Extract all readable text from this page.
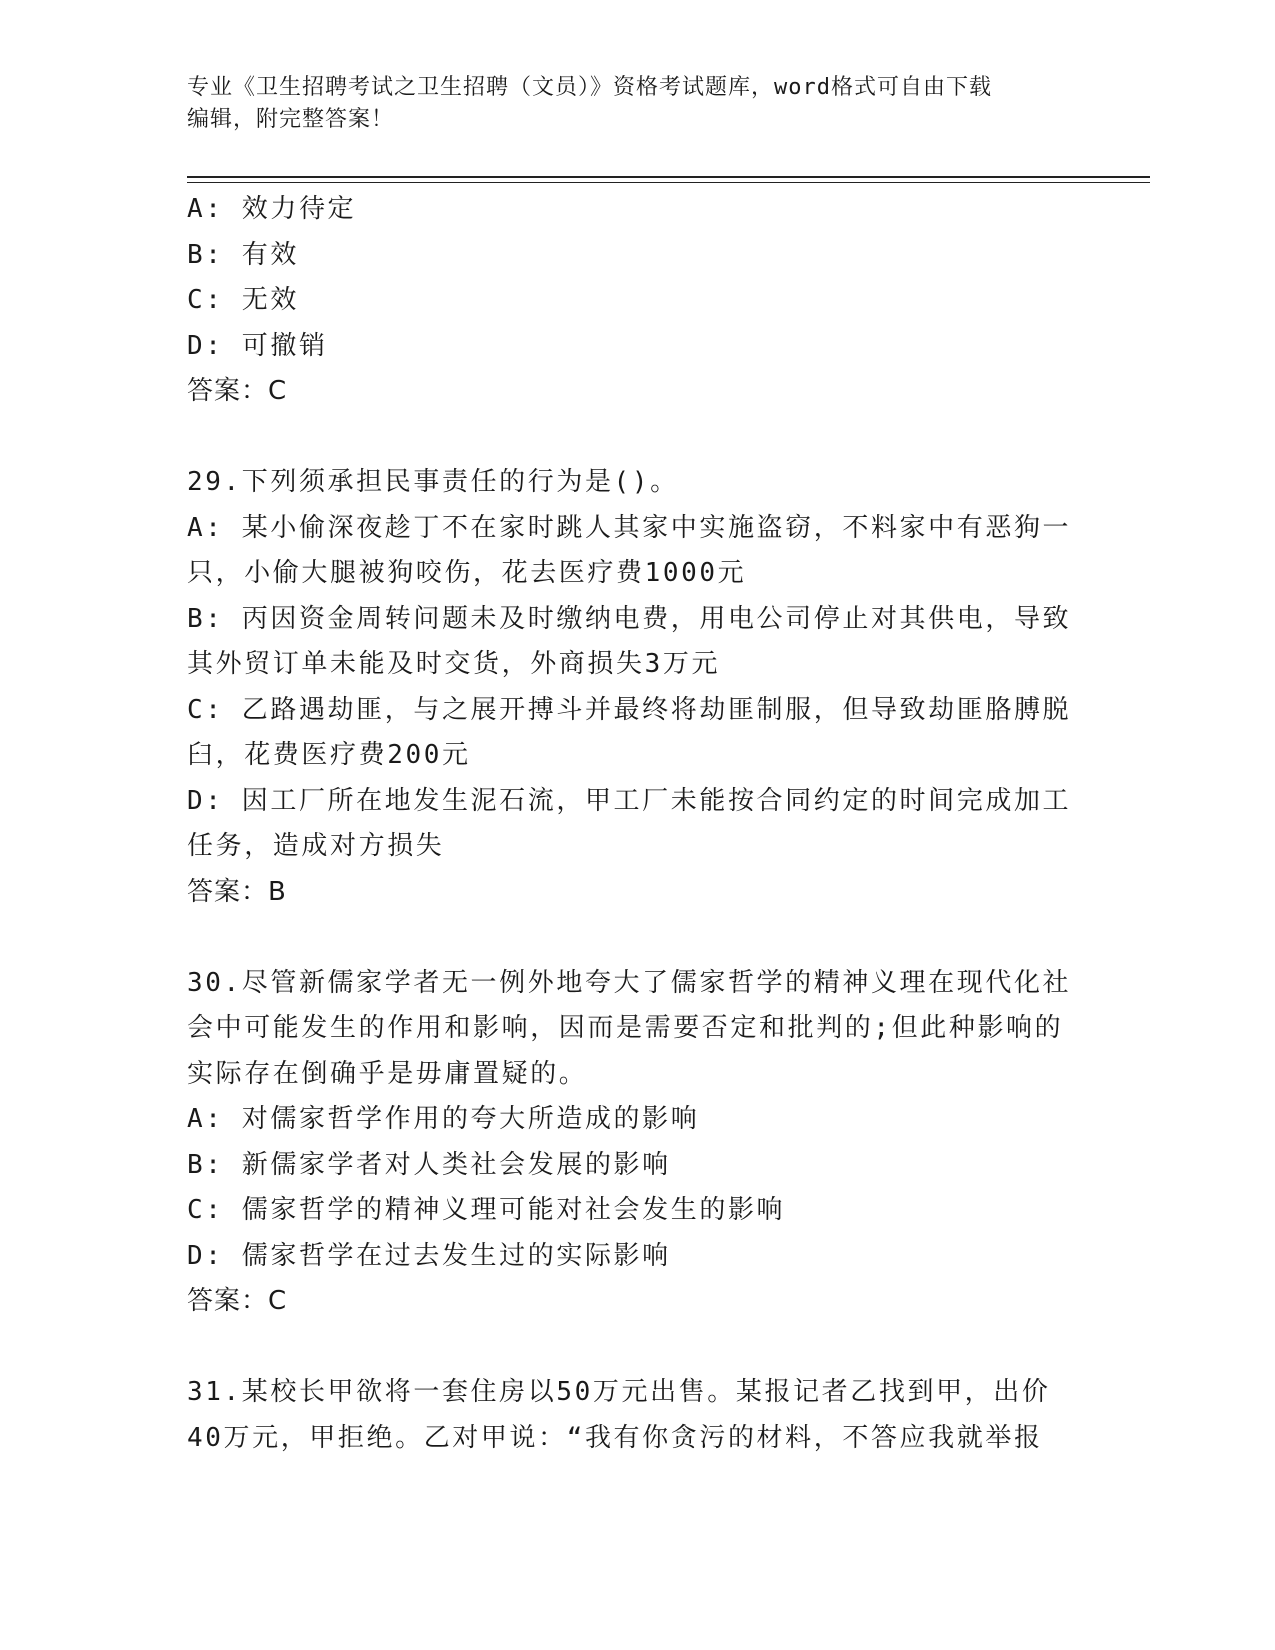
专业《卫生招聘考试之卫生招聘（文员）》资格考试题库，word格式可自由下载
编辑，附完整答案！
A: 效力待定
B: 有效
C: 无效
D: 可撤销
答案：C
29.下列须承担民事责任的行为是()。
A: 某小偷深夜趁丁不在家时跳人其家中实施盗窃，不料家中有恶狗一
只，小偷大腿被狗咬伤，花去医疗费1000元
B: 丙因资金周转问题未及时缴纳电费，用电公司停止对其供电，导致
其外贸订单未能及时交货，外商损失3万元
C: 乙路遇劫匪，与之展开搏斗并最终将劫匪制服，但导致劫匪胳膊脱
臼，花费医疗费200元
D: 因工厂所在地发生泥石流，甲工厂未能按合同约定的时间完成加工
任务，造成对方损失
答案：B
30.尽管新儒家学者无一例外地夸大了儒家哲学的精神义理在现代化社
会中可能发生的作用和影响，因而是需要否定和批判的;但此种影响的
实际存在倒确乎是毋庸置疑的。
A: 对儒家哲学作用的夸大所造成的影响
B: 新儒家学者对人类社会发展的影响
C: 儒家哲学的精神义理可能对社会发生的影响
D: 儒家哲学在过去发生过的实际影响
答案：C
31.某校长甲欲将一套住房以50万元出售。某报记者乙找到甲，出价
40万元，甲拒绝。乙对甲说：“我有你贪污的材料，不答应我就举报
